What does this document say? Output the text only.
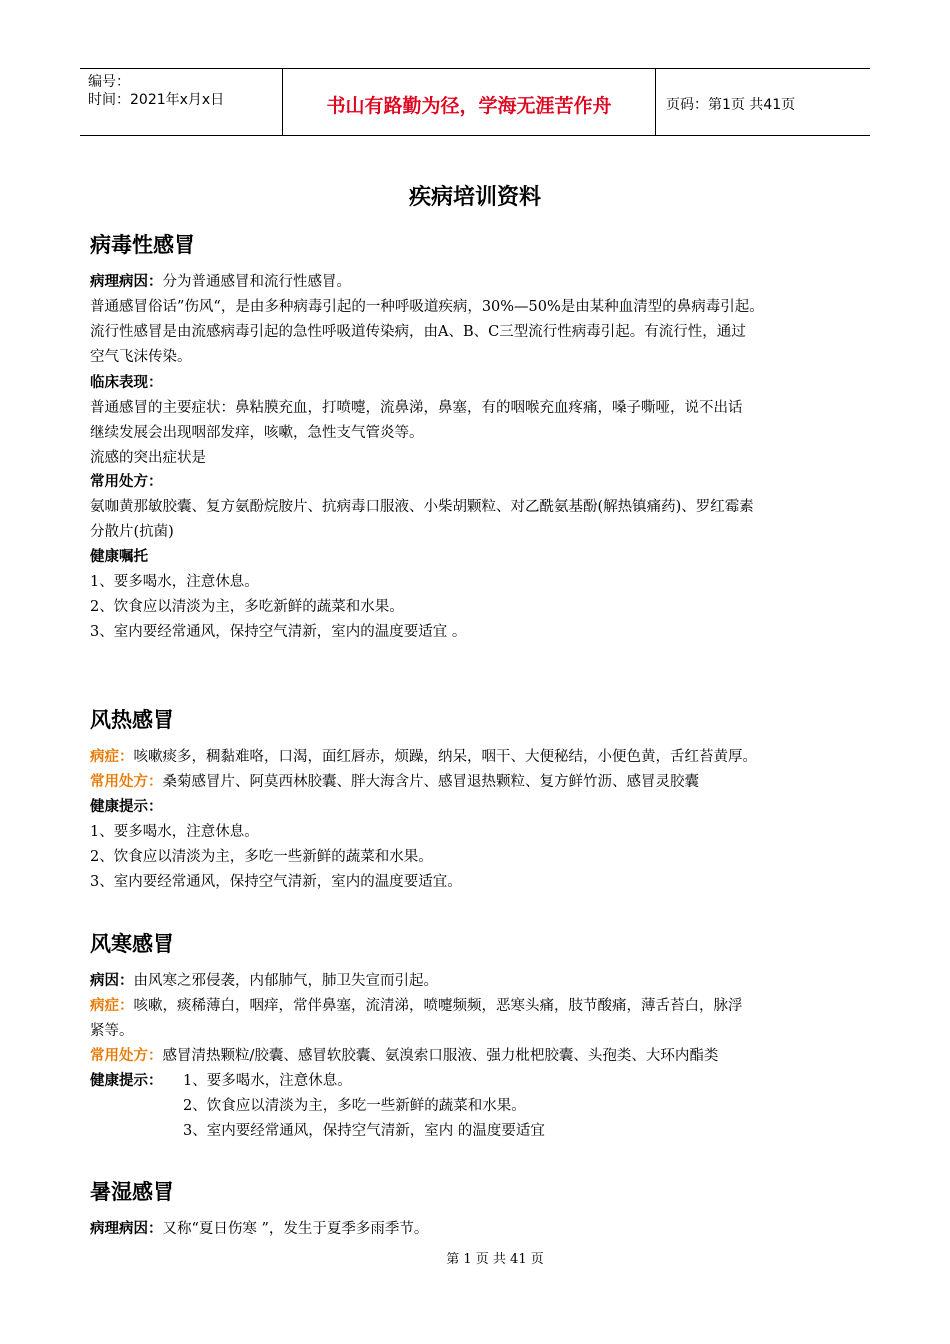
编号：
时间：2021年x月x日	书山有路勤为径，学海无涯苦作舟	页码：第1页 共41页
疾病培训资料
病毒性感冒
病理病因：分为普通感冒和流行性感冒。
普通感冒俗话”伤风“，是由多种病毒引起的一种呼吸道疾病，30%—50%是由某种血清型的鼻病毒引起。
流行性感冒是由流感病毒引起的急性呼吸道传染病，由A、B、C三型流行性病毒引起。有流行性，通过
空气飞沫传染。
临床表现：
普通感冒的主要症状：鼻粘膜充血，打喷嚏，流鼻涕，鼻塞，有的咽喉充血疼痛，嗓子嘶哑，说不出话
继续发展会出现咽部发痒，咳嗽，急性支气管炎等。
流感的突出症状是
常用处方：
氨咖黄那敏胶囊、复方氨酚烷胺片、抗病毒口服液、小柴胡颗粒、对乙酰氨基酚(解热镇痛药)、罗红霉素
分散片(抗菌)
健康嘱托
1、要多喝水，注意休息。
2、饮食应以清淡为主，多吃新鲜的蔬菜和水果。
3、室内要经常通风，保持空气清新，室内的温度要适宜 。
风热感冒
病症：咳嗽痰多，稠黏难咯，口渴，面红唇赤，烦躁，纳呆，咽干、大便秘结，小便色黄，舌红苔黄厚。
常用处方：桑菊感冒片、阿莫西林胶囊、胖大海含片、感冒退热颗粒、复方鲜竹沥、感冒灵胶囊
健康提示：
1、要多喝水，注意休息。
2、饮食应以清淡为主，多吃一些新鲜的蔬菜和水果。
3、室内要经常通风，保持空气清新，室内的温度要适宜。
风寒感冒
病因：由风寒之邪侵袭，内郁肺气，肺卫失宣而引起。
病症：咳嗽，痰稀薄白，咽痒，常伴鼻塞，流清涕，喷嚏频频，恶寒头痛，肢节酸痛，薄舌苔白，脉浮
紧等。
常用处方：感冒清热颗粒/胶囊、感冒软胶囊、氨溴索口服液、强力枇杷胶囊、头孢类、大环内酯类
健康提示： 1、要多喝水，注意休息。
2、饮食应以清淡为主，多吃一些新鲜的蔬菜和水果。
3、室内要经常通风，保持空气清新，室内 的温度要适宜
暑湿感冒
病理病因：又称“夏日伤寒 ”，发生于夏季多雨季节。
第 1 页 共 41 页
